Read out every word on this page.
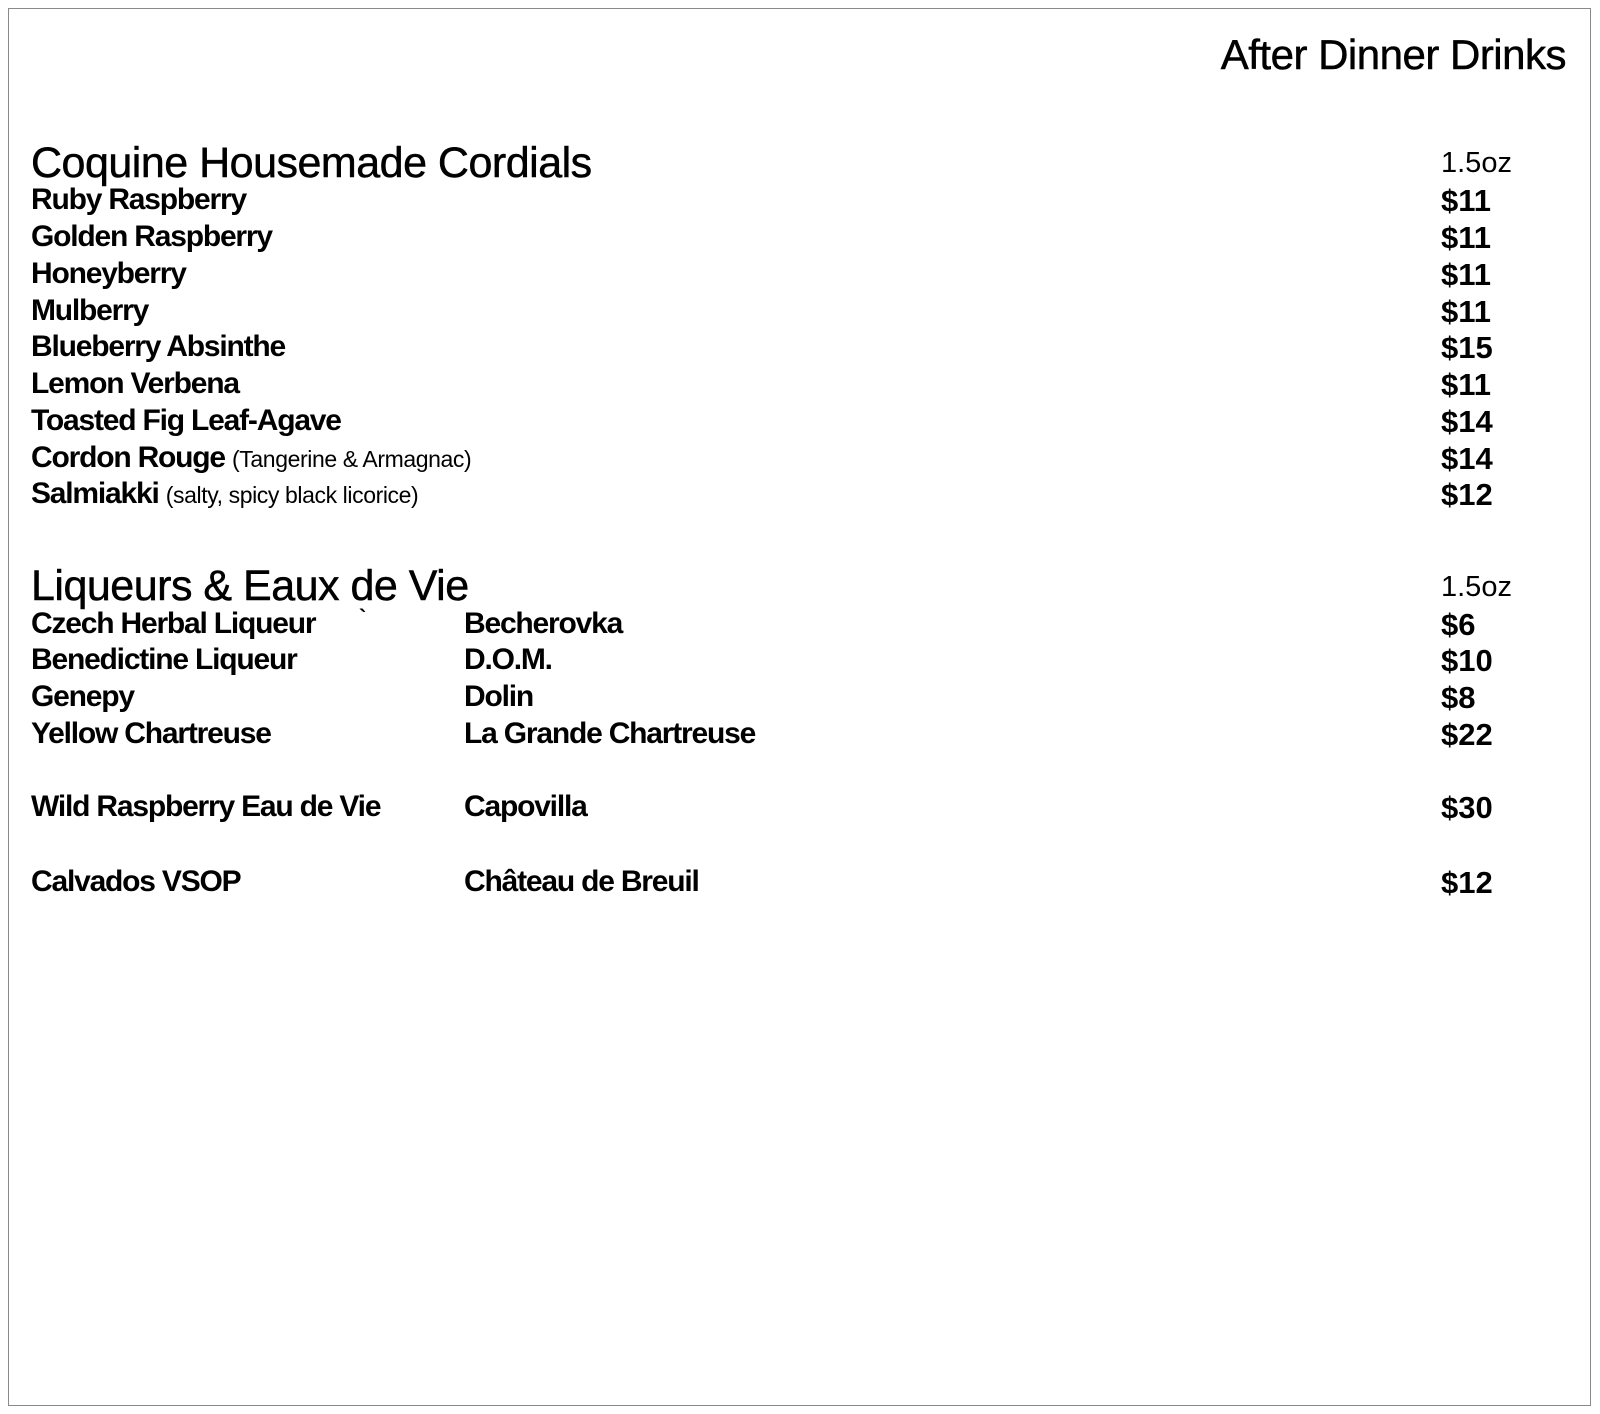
After Dinner Drinks
Coquine Housemade Cordials	1.5oz
Ruby Raspberry	$11
Golden Raspberry	$11
Honeyberry	$11
Mulberry	$11
Blueberry Absinthe	$15
Lemon Verbena	$11
Toasted Fig Leaf-Agave	$14
Cordon Rouge (Tangerine & Armagnac)	$14
Salmiakki (salty, spicy black licorice)	$12
Liqueurs & Eaux de Vie	1.5oz
Czech Herbal Liqueur `	Becherovka	$6
Benedictine Liqueur	D.O.M.	$10
Genepy	Dolin	$8
Yellow Chartreuse	La Grande Chartreuse	$22
Wild Raspberry Eau de Vie	Capovilla	$30
Calvados VSOP	Château de Breuil	$12
